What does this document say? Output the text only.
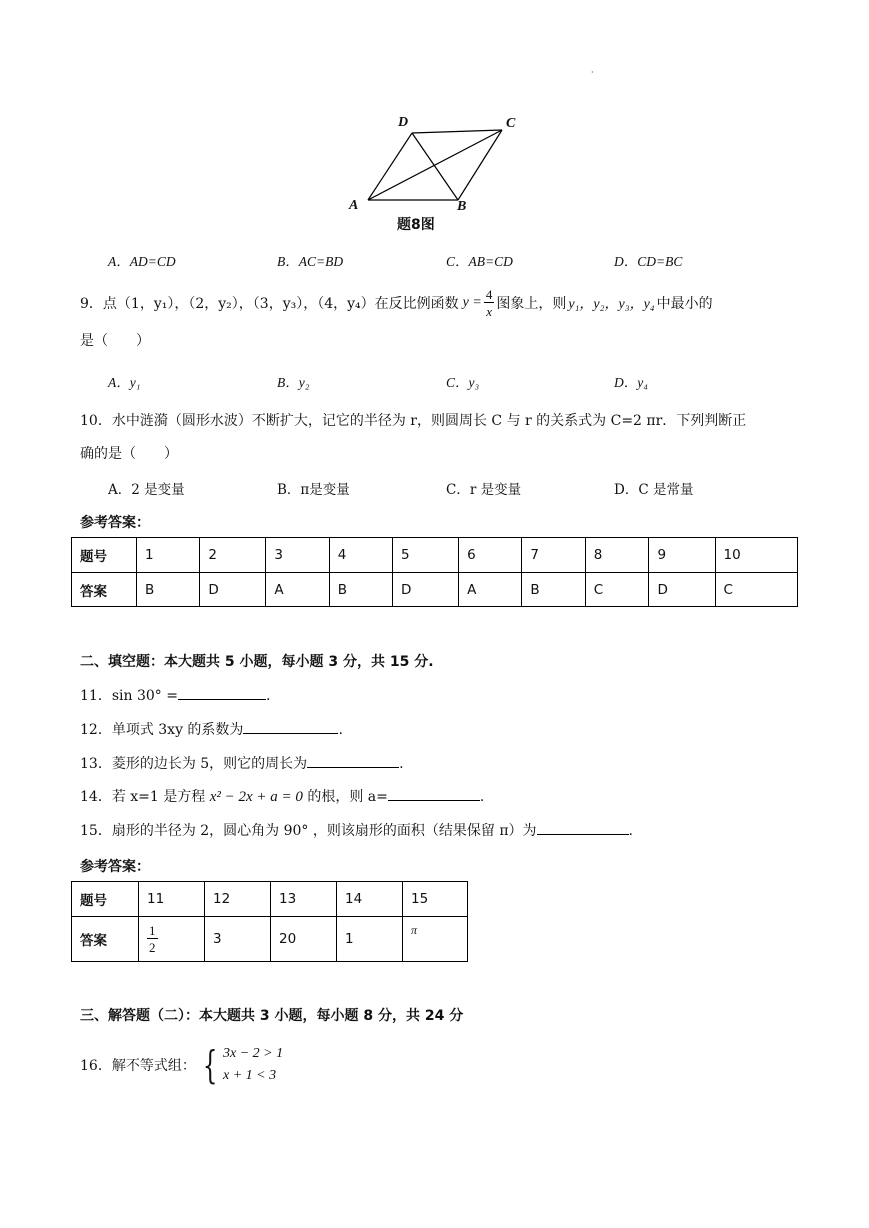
·
D	C
A	B
题8图
A．AD=CD	B．AC=BD	C．AB=CD	D．CD=BC
9．点（1， y₁），（2， y₂），（3， y₃），（4， y₄）在反比例函数 $y = \frac{4}{x}$ 图象上，则 y₁，y₂，y₃，y₄ 中最小的
是（　　）
A．y₁	B．y₂	C．y₃	D．y₄
10．水中涟漪（圆形水波）不断扩大，记它的半径为 r，则圆周长 C 与 r 的关系式为 C=2 πr．下列判断正
确的是（　　）
A．2 是变量	B．π是变量	C．r 是变量	D．C 是常量
参考答案：
题号	1	2	3	4	5	6	7	8	9	10
答案	B	D	A	B	D	A	B	C	D	C
二、填空题：本大题共 5 小题，每小题 3 分，共 15 分.
11．sin 30° =	.
12．单项式 3xy 的系数为	.
13．菱形的边长为 5，则它的周长为	.
14．若 x=1 是方程 x² − 2x + a = 0 的根，则 a=	.
15．扇形的半径为 2，圆心角为 90° ，则该扇形的面积（结果保留 π）为	.
参考答案：
题号	11	12	13	14	15
答案	$\frac{1}{2}$	3	20	1	π
三、解答题（二）：本大题共 3 小题，每小题 8 分，共 24 分
16．解不等式组： { 3x − 2 > 1
x + 1 < 3
